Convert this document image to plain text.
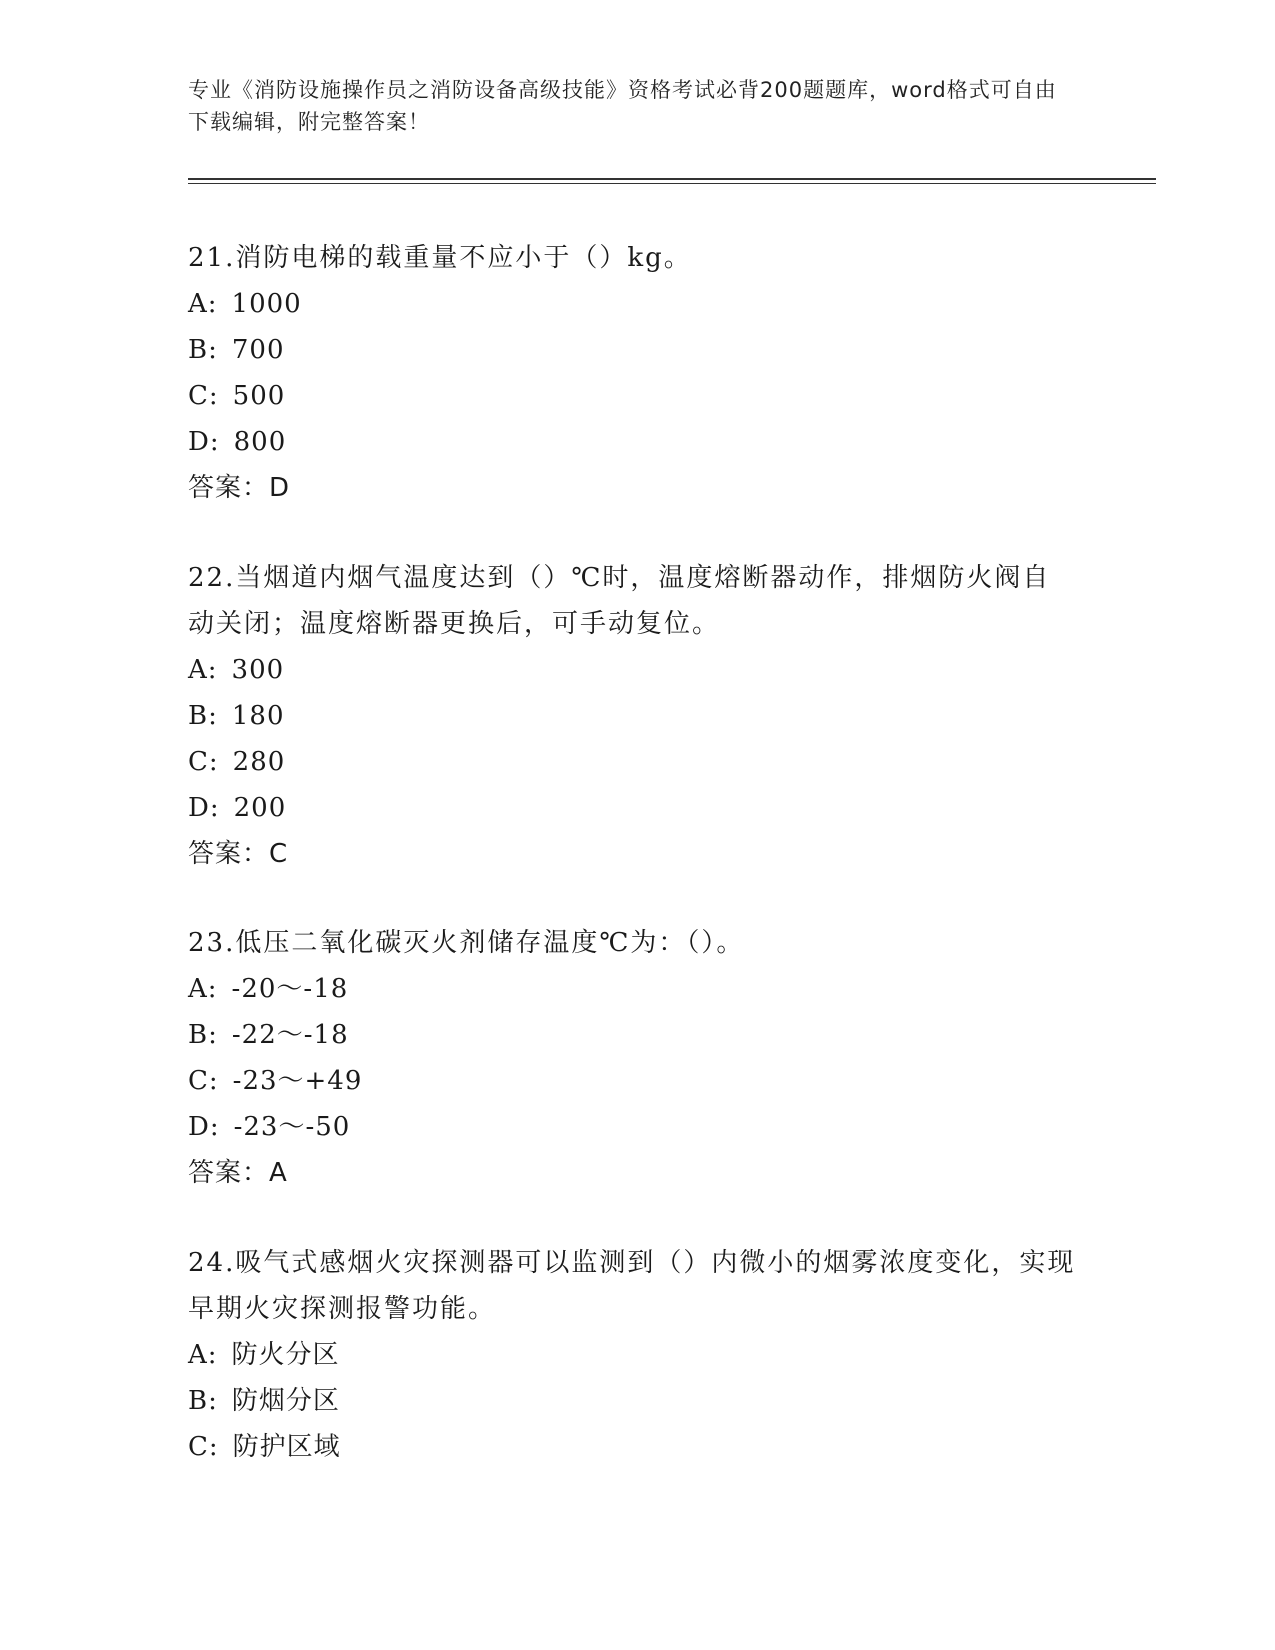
专业《消防设施操作员之消防设备高级技能》资格考试必背200题题库，word格式可自由下载编辑，附完整答案！

21.消防电梯的载重量不应小于（）kg。

A: 1000

B: 700

C: 500

D: 800

答案：D

22.当烟道内烟气温度达到（）℃时，温度熔断器动作，排烟防火阀自动关闭；温度熔断器更换后，可手动复位。

A: 300

B: 180

C: 280

D: 200

答案：C

23.低压二氧化碳灭火剂储存温度℃为：（）。

A: -20～-18

B: -22～-18

C: -23～+49

D: -23～-50

答案：A

24.吸气式感烟火灾探测器可以监测到（）内微小的烟雾浓度变化，实现早期火灾探测报警功能。

A: 防火分区

B: 防烟分区

C: 防护区域
